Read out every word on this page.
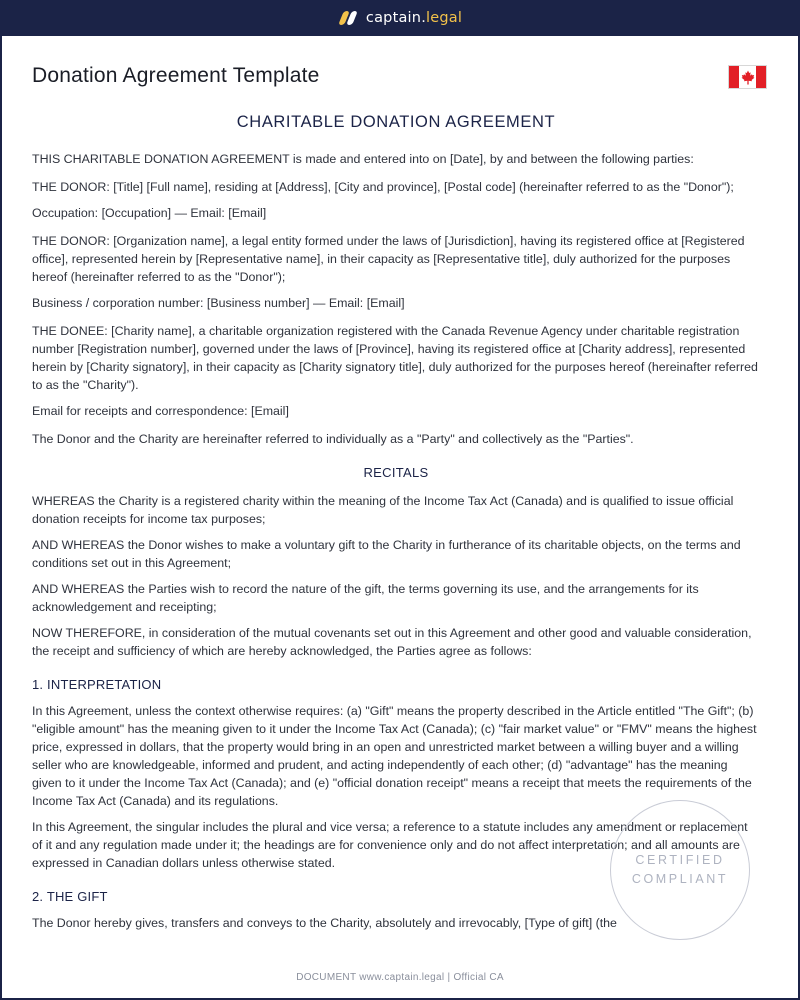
captain.legal
Donation Agreement Template
CHARITABLE DONATION AGREEMENT

THIS CHARITABLE DONATION AGREEMENT is made and entered into on [Date], by and between the following parties:

THE DONOR: [Title] [Full name], residing at [Address], [City and province], [Postal code] (hereinafter referred to as the "Donor");

Occupation: [Occupation] — Email: [Email]

THE DONOR: [Organization name], a legal entity formed under the laws of [Jurisdiction], having its registered office at [Registered office], represented herein by [Representative name], in their capacity as [Representative title], duly authorized for the purposes hereof (hereinafter referred to as the "Donor");

Business / corporation number: [Business number] — Email: [Email]

THE DONEE: [Charity name], a charitable organization registered with the Canada Revenue Agency under charitable registration number [Registration number], governed under the laws of [Province], having its registered office at [Charity address], represented herein by [Charity signatory], in their capacity as [Charity signatory title], duly authorized for the purposes hereof (hereinafter referred to as the "Charity").

Email for receipts and correspondence: [Email]

The Donor and the Charity are hereinafter referred to individually as a "Party" and collectively as the "Parties".

RECITALS

WHEREAS the Charity is a registered charity within the meaning of the Income Tax Act (Canada) and is qualified to issue official donation receipts for income tax purposes;

AND WHEREAS the Donor wishes to make a voluntary gift to the Charity in furtherance of its charitable objects, on the terms and conditions set out in this Agreement;

AND WHEREAS the Parties wish to record the nature of the gift, the terms governing its use, and the arrangements for its acknowledgement and receipting;

NOW THEREFORE, in consideration of the mutual covenants set out in this Agreement and other good and valuable consideration, the receipt and sufficiency of which are hereby acknowledged, the Parties agree as follows:

1. INTERPRETATION

In this Agreement, unless the context otherwise requires: (a) "Gift" means the property described in the Article entitled "The Gift"; (b) "eligible amount" has the meaning given to it under the Income Tax Act (Canada); (c) "fair market value" or "FMV" means the highest price, expressed in dollars, that the property would bring in an open and unrestricted market between a willing buyer and a willing seller who are knowledgeable, informed and prudent, and acting independently of each other; (d) "advantage" has the meaning given to it under the Income Tax Act (Canada); and (e) "official donation receipt" means a receipt that meets the requirements of the Income Tax Act (Canada) and its regulations.

In this Agreement, the singular includes the plural and vice versa; a reference to a statute includes any amendment or replacement of it and any regulation made under it; the headings are for convenience only and do not affect interpretation; and all amounts are expressed in Canadian dollars unless otherwise stated.

2. THE GIFT

The Donor hereby gives, transfers and conveys to the Charity, absolutely and irrevocably, [Type of gift] (the

CERTIFIED
COMPLIANT
DOCUMENT www.captain.legal | Official CA
